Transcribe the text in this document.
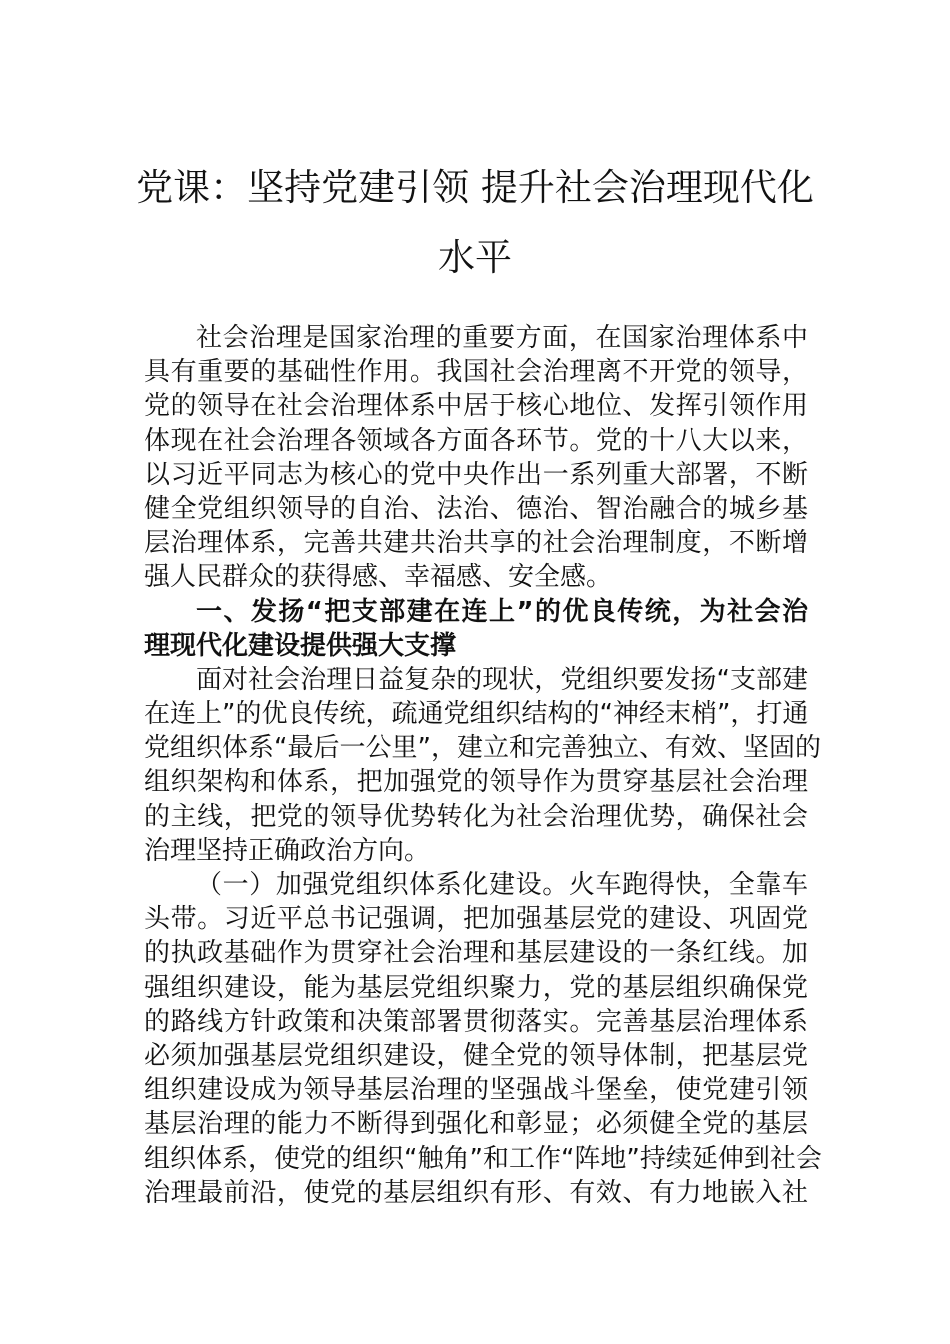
党课：坚持党建引领 提升社会治理现代化
水平
社会治理是国家治理的重要方面，在国家治理体系中
具有重要的基础性作用。我国社会治理离不开党的领导，
党的领导在社会治理体系中居于核心地位、发挥引领作用
体现在社会治理各领域各方面各环节。党的十八大以来，
以习近平同志为核心的党中央作出一系列重大部署，不断
健全党组织领导的自治、法治、德治、智治融合的城乡基
层治理体系，完善共建共治共享的社会治理制度，不断增
强人民群众的获得感、幸福感、安全感。
一、发扬“把支部建在连上”的优良传统，为社会治
理现代化建设提供强大支撑
面对社会治理日益复杂的现状，党组织要发扬“支部建
在连上”的优良传统，疏通党组织结构的“神经末梢”，打通
党组织体系“最后一公里”，建立和完善独立、有效、坚固的
组织架构和体系，把加强党的领导作为贯穿基层社会治理
的主线，把党的领导优势转化为社会治理优势，确保社会
治理坚持正确政治方向。
（一）加强党组织体系化建设。火车跑得快，全靠车
头带。习近平总书记强调，把加强基层党的建设、巩固党
的执政基础作为贯穿社会治理和基层建设的一条红线。加
强组织建设，能为基层党组织聚力，党的基层组织确保党
的路线方针政策和决策部署贯彻落实。完善基层治理体系
必须加强基层党组织建设，健全党的领导体制，把基层党
组织建设成为领导基层治理的坚强战斗堡垒，使党建引领
基层治理的能力不断得到强化和彰显；必须健全党的基层
组织体系，使党的组织“触角”和工作“阵地”持续延伸到社会
治理最前沿，使党的基层组织有形、有效、有力地嵌入社
